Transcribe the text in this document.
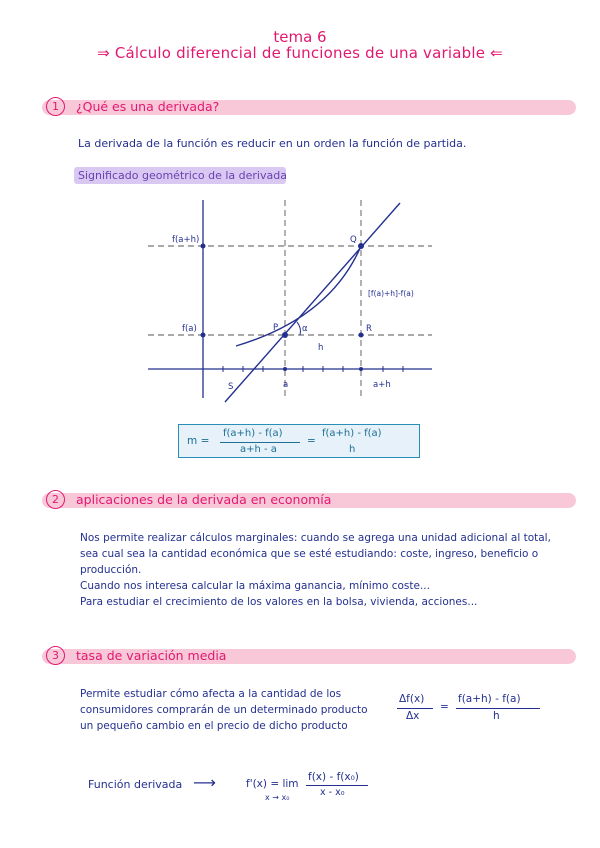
tema 6
⇒ Cálculo diferencial de funciones de una variable ⇐
1	¿Qué es una derivada?
La derivada de la función es reducir en un orden la función de partida.
Significado geométrico de la derivada
f(a+h)
f(a)
Q
P	R
α
h
[f(a)+h]-f(a)
S	a	a+h
m =
f(a+h) - f(a)
a+h - a
=
f(a+h) - f(a)
h
2	aplicaciones de la derivada en economía
Nos permite realizar cálculos marginales: cuando se agrega una unidad adicional al total,
sea cual sea la cantidad económica que se esté estudiando: coste, ingreso, beneficio o
producción.
Cuando nos interesa calcular la máxima ganancia, mínimo coste...
Para estudiar el crecimiento de los valores en la bolsa, vivienda, acciones...
3	tasa de variación media
Permite estudiar cómo afecta a la cantidad de los
consumidores comprarán de un determinado producto
un pequeño cambio en el precio de dicho producto
Δf(x)
Δx
=
f(a+h) - f(a)
h
Función derivada ⟶	f'(x) = lim
x → x₀
f(x) - f(x₀)
x - x₀
